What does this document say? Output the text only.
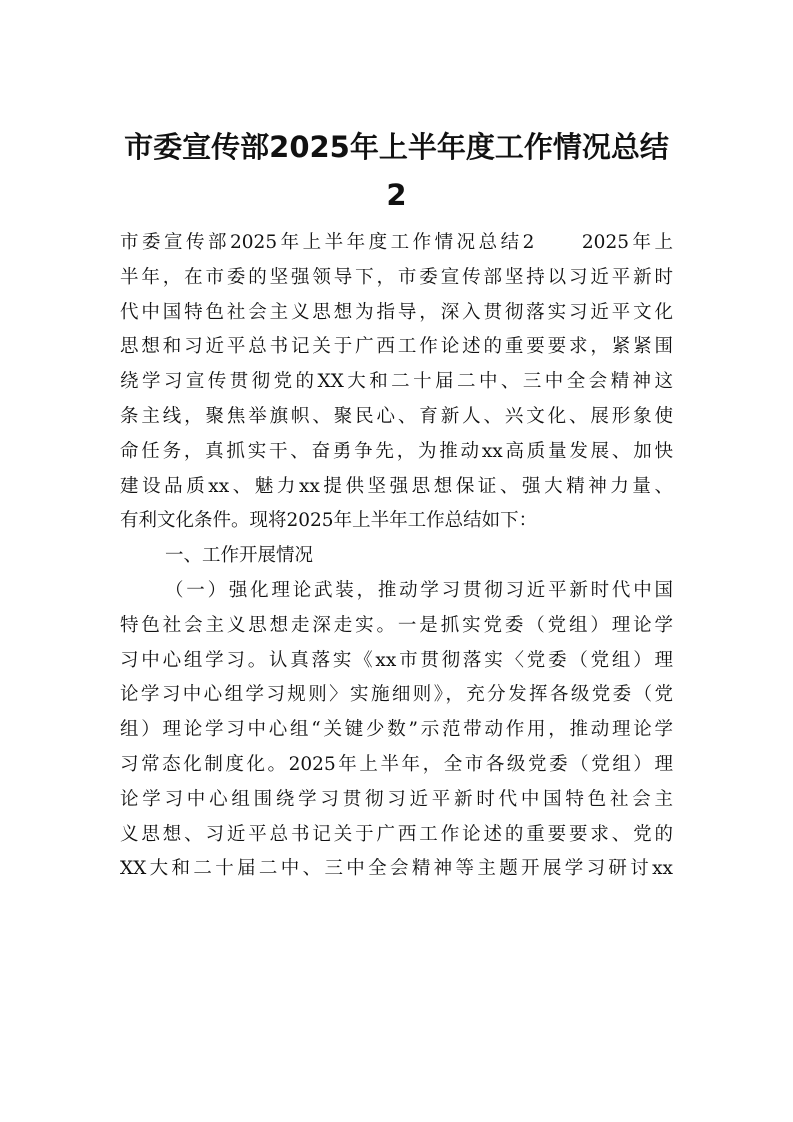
市委宣传部2025年上半年度工作情况总结
2

市委宣传部2025年上半年度工作情况总结2　　2025年上

半年，在市委的坚强领导下，市委宣传部坚持以习近平新时

代中国特色社会主义思想为指导，深入贯彻落实习近平文化

思想和习近平总书记关于广西工作论述的重要要求，紧紧围

绕学习宣传贯彻党的XX大和二十届二中、三中全会精神这

条主线，聚焦举旗帜、聚民心、育新人、兴文化、展形象使

命任务，真抓实干、奋勇争先，为推动xx高质量发展、加快

建设品质xx、魅力xx提供坚强思想保证、强大精神力量、

有利文化条件。现将2025年上半年工作总结如下：

一、工作开展情况

（一）强化理论武装，推动学习贯彻习近平新时代中国

特色社会主义思想走深走实。一是抓实党委（党组）理论学

习中心组学习。认真落实《xx市贯彻落实〈党委（党组）理

论学习中心组学习规则〉实施细则》，充分发挥各级党委（党

组）理论学习中心组“关键少数”示范带动作用，推动理论学

习常态化制度化。2025年上半年，全市各级党委（党组）理

论学习中心组围绕学习贯彻习近平新时代中国特色社会主

义思想、习近平总书记关于广西工作论述的重要要求、党的

XX大和二十届二中、三中全会精神等主题开展学习研讨xx
